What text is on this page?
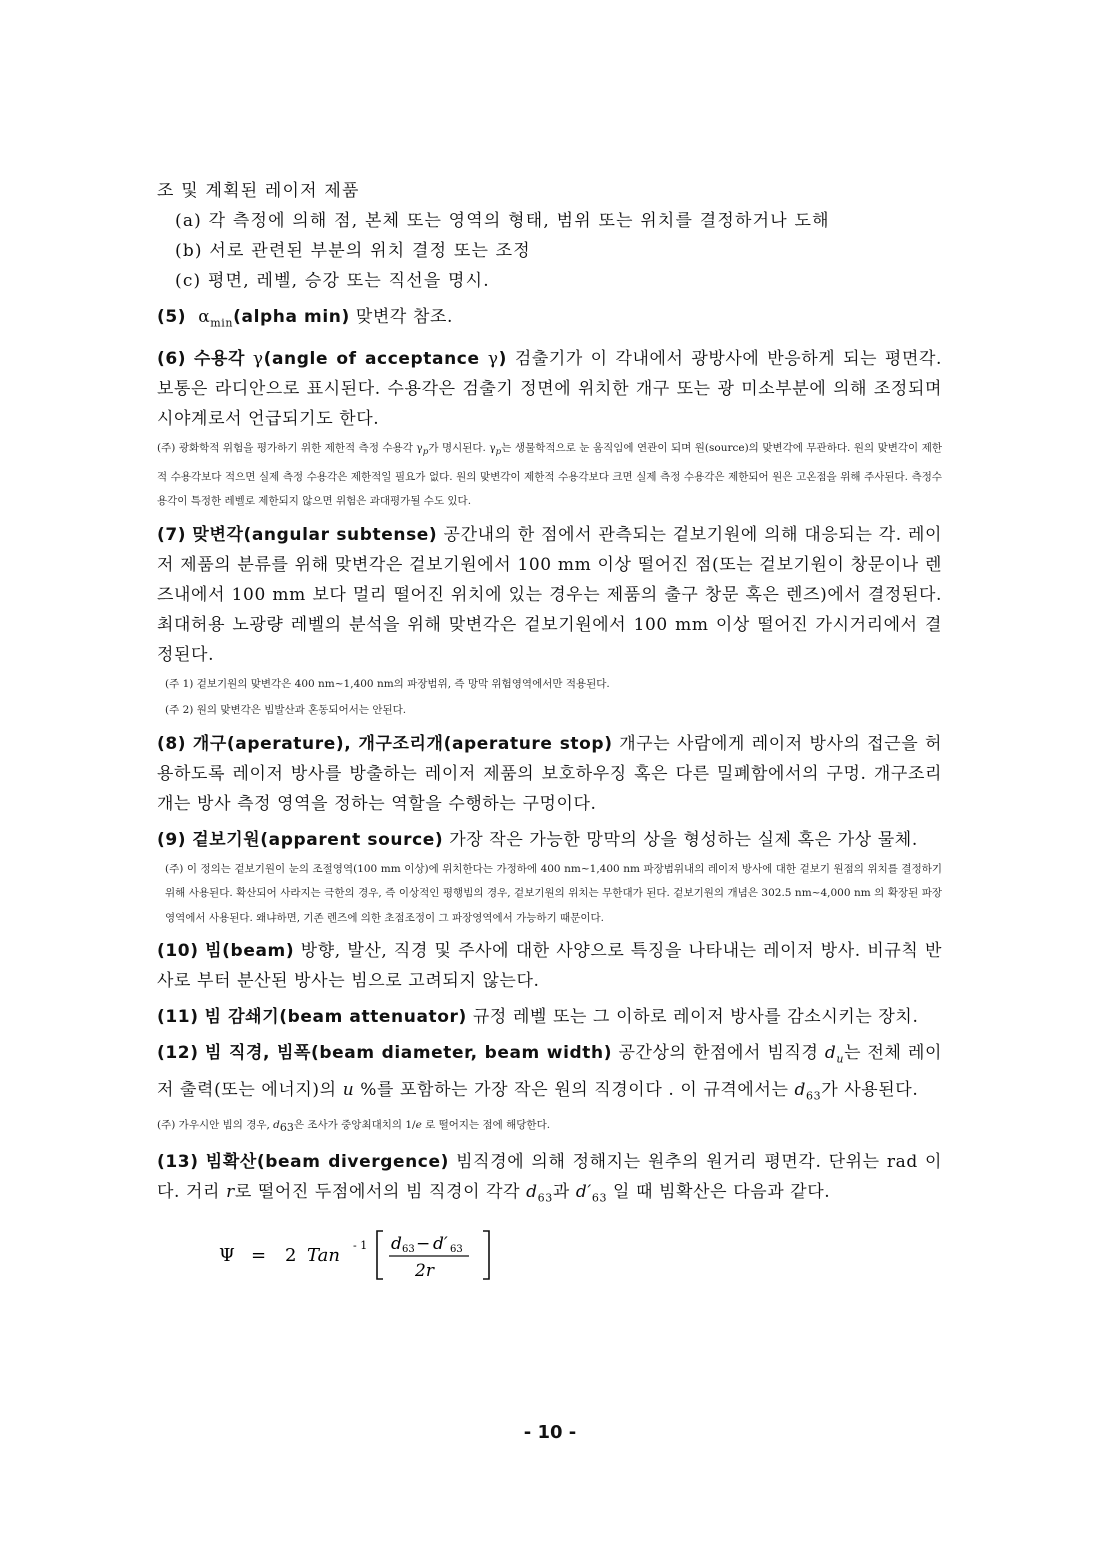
조 및 계획된 레이저 제품

(a) 각 측정에 의해 점, 본체 또는 영역의 형태, 범위 또는 위치를 결정하거나 도해

(b) 서로 관련된 부분의 위치 결정 또는 조정

(c) 평면, 레벨, 승강 또는 직선을 명시.

(5) $\alpha_{min}(alpha$ min) 맞변각 참조.

(6) 수용각 γ(angle of acceptance γ) 검출기가 이 각내에서 광방사에 반응하게 되는 평면각. 보통은 라디안으로 표시된다. 수용각은 검출기 정면에 위치한 개구 또는 광 미소부분에 의해 조정되며 시야계로서 언급되기도 한다.

(주) 광화학적 위험을 평가하기 위한 제한적 측정 수용각 $\gamma_p$가 명시된다. $\gamma_p$는 생물학적으로 눈 움직임에 연관이 되며 원(source)의 맞변각에 무관하다. 원의 맞변각이 제한적 수용각보다 적으면 실제 측정 수용각은 제한적일 필요가 없다. 원의 맞변각이 제한적 수용각보다 크면 실제 측정 수용각은 제한되어 원은 고온점을 위해 주사된다. 측정수용각이 특정한 레벨로 제한되지 않으면 위험은 과대평가될 수도 있다.

(7) 맞변각(angular subtense) 공간내의 한 점에서 관측되는 겉보기원에 의해 대응되는 각. 레이저 제품의 분류를 위해 맞변각은 겉보기원에서 100 mm 이상 떨어진 점(또는 겉보기원이 창문이나 렌즈내에서 100 mm 보다 멀리 떨어진 위치에 있는 경우는 제품의 출구 창문 혹은 렌즈)에서 결정된다. 최대허용 노광량 레벨의 분석을 위해 맞변각은 겉보기원에서 100 mm 이상 떨어진 가시거리에서 결정된다.

(주 1) 겉보기원의 맞변각은 400 nm~1,400 nm의 파장범위, 즉 망막 위험영역에서만 적용된다.

(주 2) 원의 맞변각은 빔발산과 혼동되어서는 안된다.

(8) 개구(aperature), 개구조리개(aperature stop) 개구는 사람에게 레이저 방사의 접근을 허용하도록 레이저 방사를 방출하는 레이저 제품의 보호하우징 혹은 다른 밀폐함에서의 구멍. 개구조리개는 방사 측정 영역을 정하는 역할을 수행하는 구멍이다.

(9) 겉보기원(apparent source) 가장 작은 가능한 망막의 상을 형성하는 실제 혹은 가상 물체.

(주) 이 정의는 겉보기원이 눈의 조절영역(100 mm 이상)에 위치한다는 가정하에 400 nm~1,400 nm 파장범위내의 레이저 방사에 대한 겉보기 원점의 위치를 결정하기 위해 사용된다. 확산되어 사라지는 극한의 경우, 즉 이상적인 평행빔의 경우, 겉보기원의 위치는 무한대가 된다. 겉보기원의 개념은 302.5 nm~4,000 nm 의 확장된 파장영역에서 사용된다. 왜냐하면, 기존 렌즈에 의한 초점조정이 그 파장영역에서 가능하기 때문이다.

(10) 빔(beam) 방향, 발산, 직경 및 주사에 대한 사양으로 특징을 나타내는 레이저 방사. 비규칙 반사로 부터 분산된 방사는 빔으로 고려되지 않는다.

(11) 빔 감쇄기(beam attenuator) 규정 레벨 또는 그 이하로 레이저 방사를 감소시키는 장치.

(12) 빔 직경, 빔폭(beam diameter, beam width) 공간상의 한점에서 빔직경 $d_u$는 전체 레이저 출력(또는 에너지)의 u %를 포함하는 가장 작은 원의 직경이다 . 이 규격에서는 $d_{63}$가 사용된다.

(주) 가우시안 빔의 경우, $d_{63}$은 조사가 중앙최대치의 1/e 로 떨어지는 점에 해당한다.

(13) 빔확산(beam divergence) 빔직경에 의해 정해지는 원추의 원거리 평면각. 단위는 rad 이다. 거리 r로 떨어진 두점에서의 빔 직경이 각각 $d_{63}$과 $d'_{63}$ 일 때 빔확산은 다음과 같다.

Ψ = 2 Tan - 1 d 63 − d′ 63
2r
- 10 -
